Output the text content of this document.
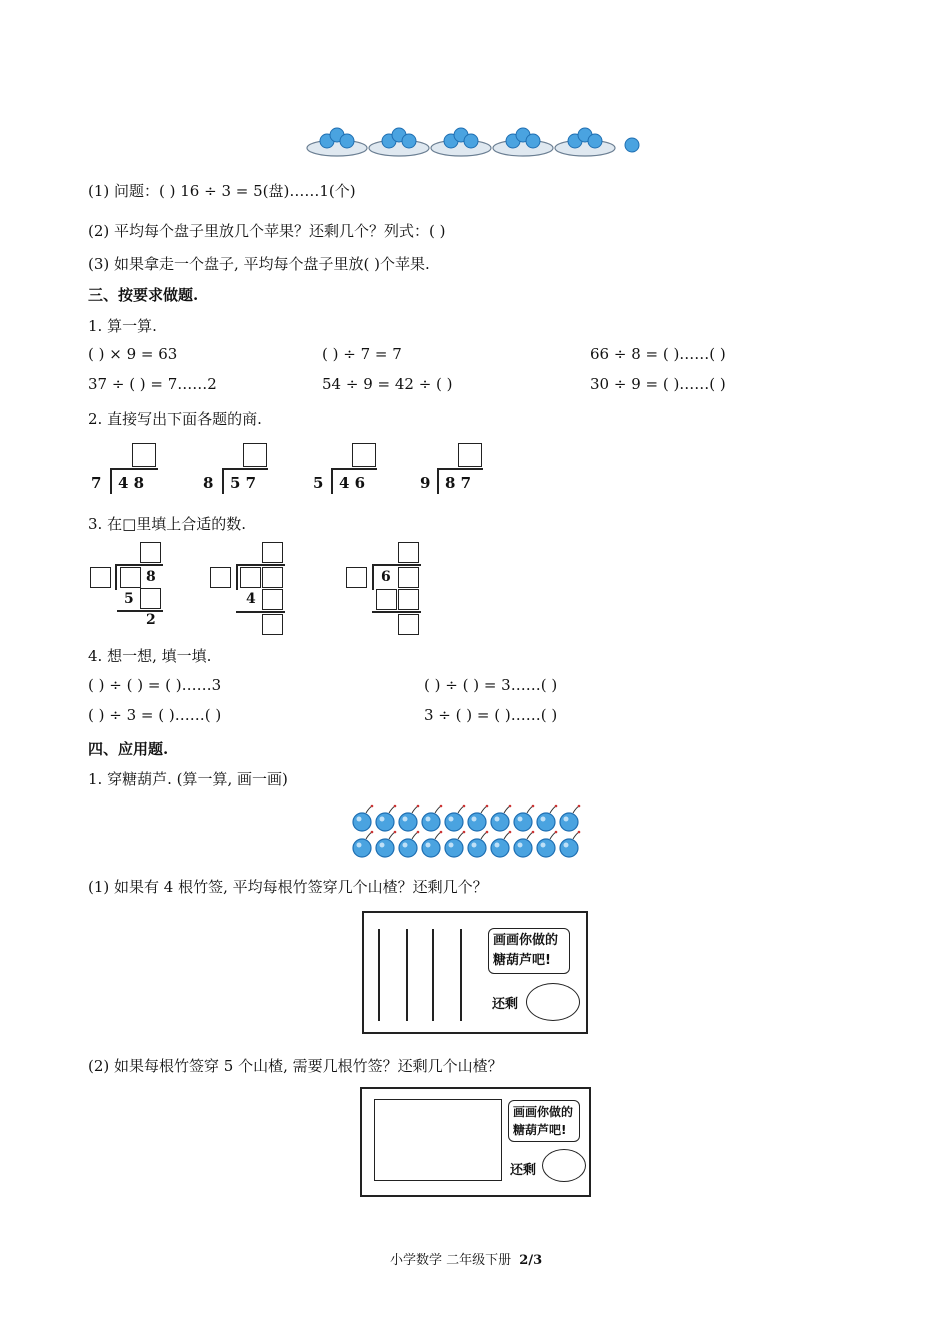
(1) 问题：( ) 16 ÷ 3 = 5(盘)……1(个)
(2) 平均每个盘子里放几个苹果？还剩几个？列式：( )
(3) 如果拿走一个盘子, 平均每个盘子里放( )个苹果.
三、按要求做题.
1. 算一算.
( ) × 9 = 63	( ) ÷ 7 = 7	66 ÷ 8 = ( )……( )
37 ÷ ( ) = 7……2	54 ÷ 9 = 42 ÷ ( )	30 ÷ 9 = ( )……( )
2. 直接写出下面各题的商.
7 4 8	8 5 7	5 4 6	9 8 7
3. 在□里填上合适的数.
8
5
2
4
6
4. 想一想, 填一填.
( ) ÷ ( ) = ( )……3	( ) ÷ ( ) = 3……( )
( ) ÷ 3 = ( )……( )	3 ÷ ( ) = ( )……( )
四、应用题.
1. 穿糖葫芦. (算一算, 画一画)
(1) 如果有 4 根竹签, 平均每根竹签穿几个山楂？还剩几个？
画画你做的糖葫芦吧!
还剩
(2) 如果每根竹签穿 5 个山楂, 需要几根竹签？还剩几个山楂？
画画你做的糖葫芦吧!
还剩
小学数学 二年级下册 2/3
